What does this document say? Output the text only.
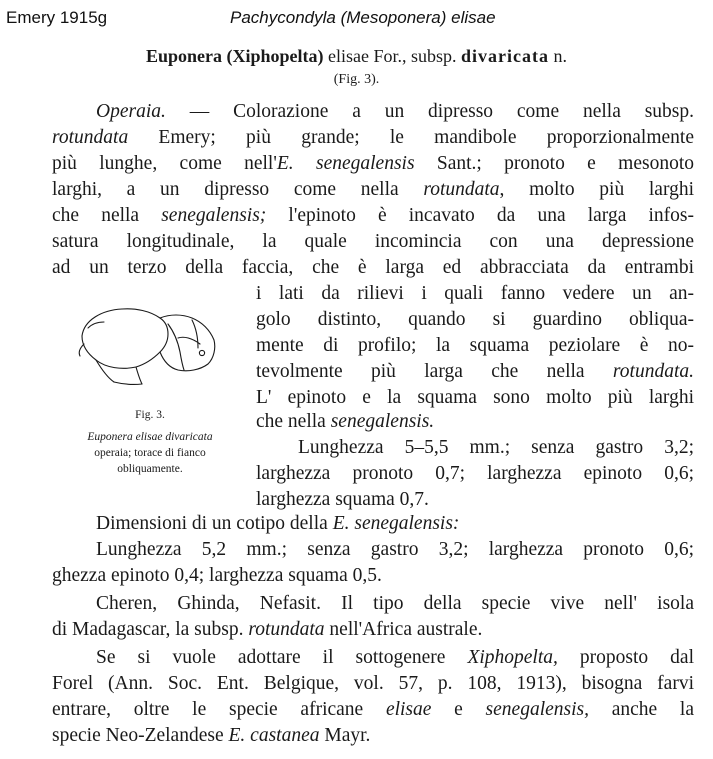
Emery 1915g	Pachycondyla (Mesoponera) elisae
Euponera (Xiphopelta) elisae For., subsp. divaricata n.
(Fig. 3).
Operaia. — Colorazione a un dipresso come nella subsp.
rotundata Emery; più grande; le mandibole proporzionalmente
più lunghe, come nell'E. senegalensis Sant.; pronoto e mesonoto
larghi, a un dipresso come nella rotundata, molto più larghi
che nella senegalensis; l'epinoto è incavato da una larga infos-
satura longitudinale, la quale incomincia con una depressione
ad un terzo della faccia, che è larga ed abbracciata da entrambi
i lati da rilievi i quali fanno vedere un an-
golo distinto, quando si guardino obliqua-
mente di profilo; la squama peziolare è no-
tevolmente più larga che nella rotundata.
L' epinoto e la squama sono molto più larghi
che nella senegalensis.
Fig. 3.
Euponera elisae divaricata
operaia; torace di fianco
obliquamente.
Lunghezza 5–5,5 mm.; senza gastro 3,2;
larghezza pronoto 0,7; larghezza epinoto 0,6;
larghezza squama 0,7.
Dimensioni di un cotipo della E. senegalensis:
Lunghezza 5,2 mm.; senza gastro 3,2; larghezza pronoto 0,6;
ghezza epinoto 0,4; larghezza squama 0,5.
Cheren, Ghinda, Nefasit. Il tipo della specie vive nell' isola
di Madagascar, la subsp. rotundata nell'Africa australe.
Se si vuole adottare il sottogenere Xiphopelta, proposto dal
Forel (Ann. Soc. Ent. Belgique, vol. 57, p. 108, 1913), bisogna farvi
entrare, oltre le specie africane elisae e senegalensis, anche la
specie Neo-Zelandese E. castanea Mayr.
